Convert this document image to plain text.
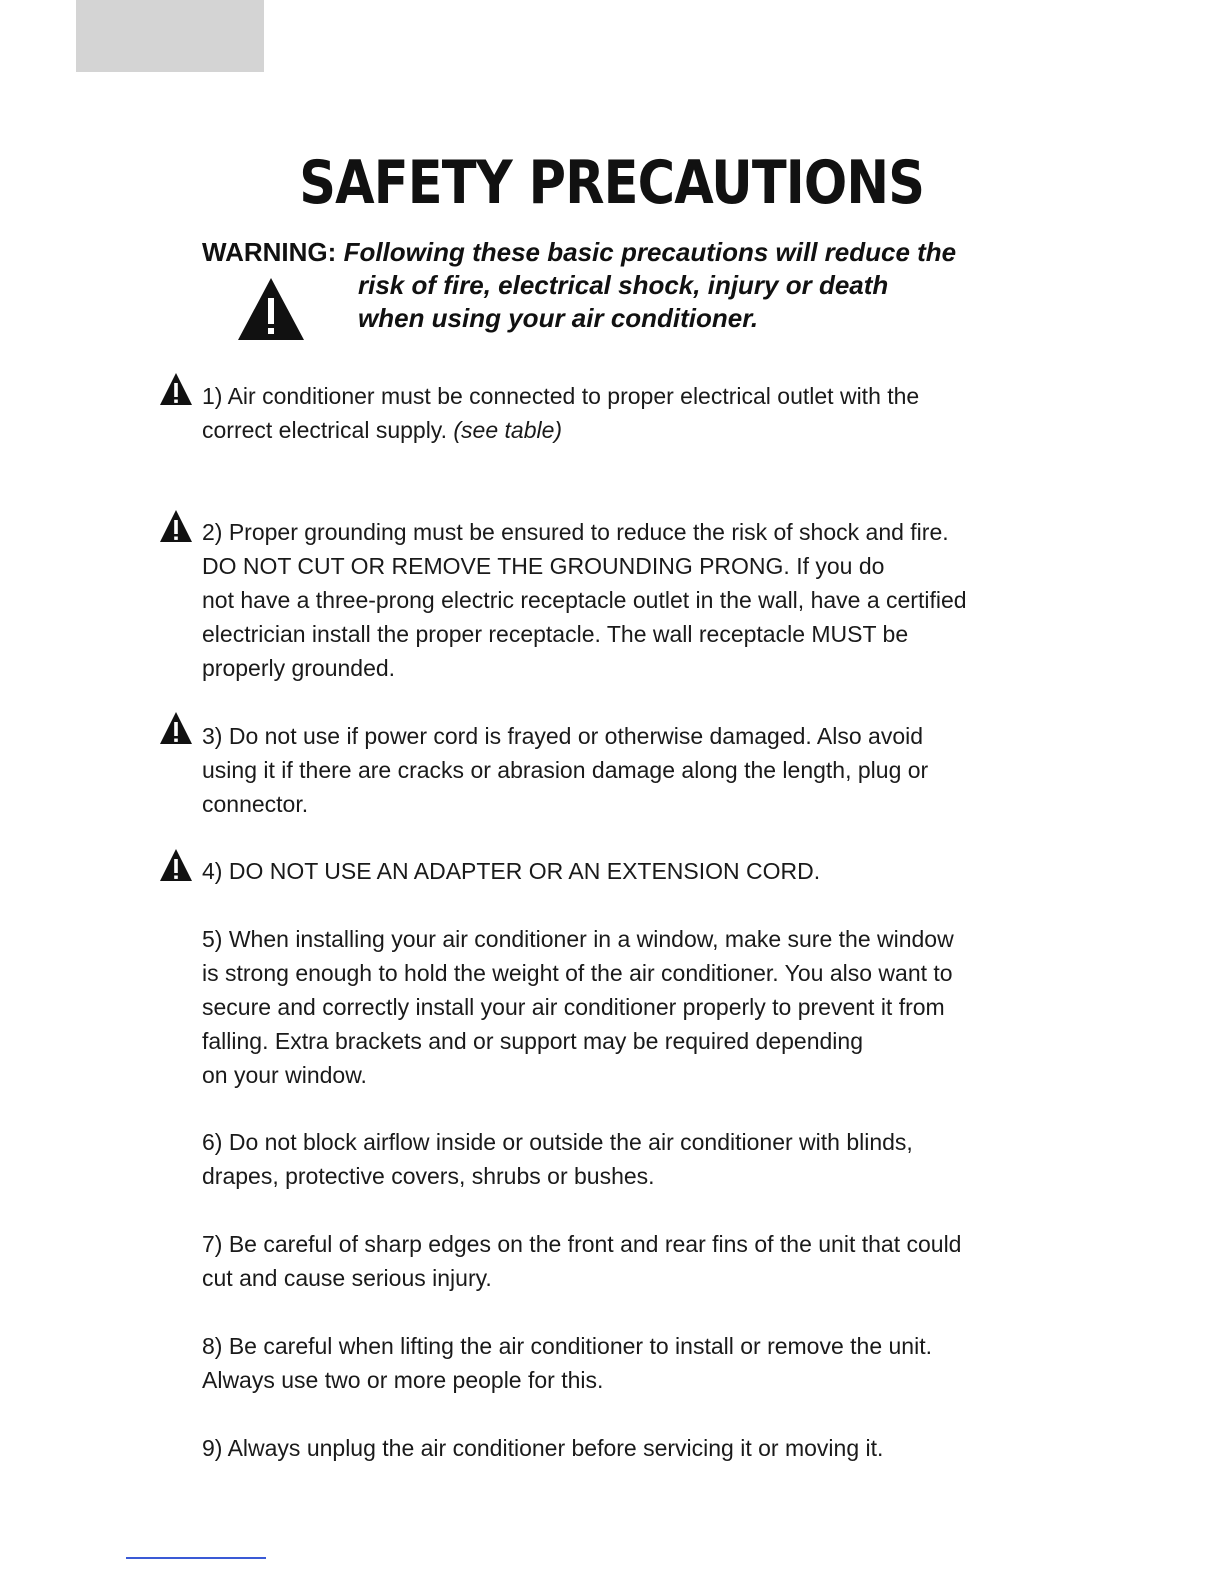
SAFETY PRECAUTIONS
WARNING: Following these basic precautions will reduce the
risk of fire, electrical shock, injury or death
when using your air conditioner.
1) Air conditioner must be connected to proper electrical outlet with the
correct electrical supply. (see table)
2) Proper grounding must be ensured to reduce the risk of shock and fire.
DO NOT CUT OR REMOVE THE GROUNDING PRONG. If you do
not have a three-prong electric receptacle outlet in the wall, have a certified
electrician install the proper receptacle. The wall receptacle MUST be
properly grounded.
3) Do not use if power cord is frayed or otherwise damaged. Also avoid
using it if there are cracks or abrasion damage along the length, plug or
connector.
4) DO NOT USE AN ADAPTER OR AN EXTENSION CORD.
5) When installing your air conditioner in a window, make sure the window
is strong enough to hold the weight of the air conditioner. You also want to
secure and correctly install your air conditioner properly to prevent it from
falling. Extra brackets and or support may be required depending
on your window.
6) Do not block airflow inside or outside the air conditioner with blinds,
drapes, protective covers, shrubs or bushes.
7) Be careful of sharp edges on the front and rear fins of the unit that could
cut and cause serious injury.
8) Be careful when lifting the air conditioner to install or remove the unit.
Always use two or more people for this.
9) Always unplug the air conditioner before servicing it or moving it.
